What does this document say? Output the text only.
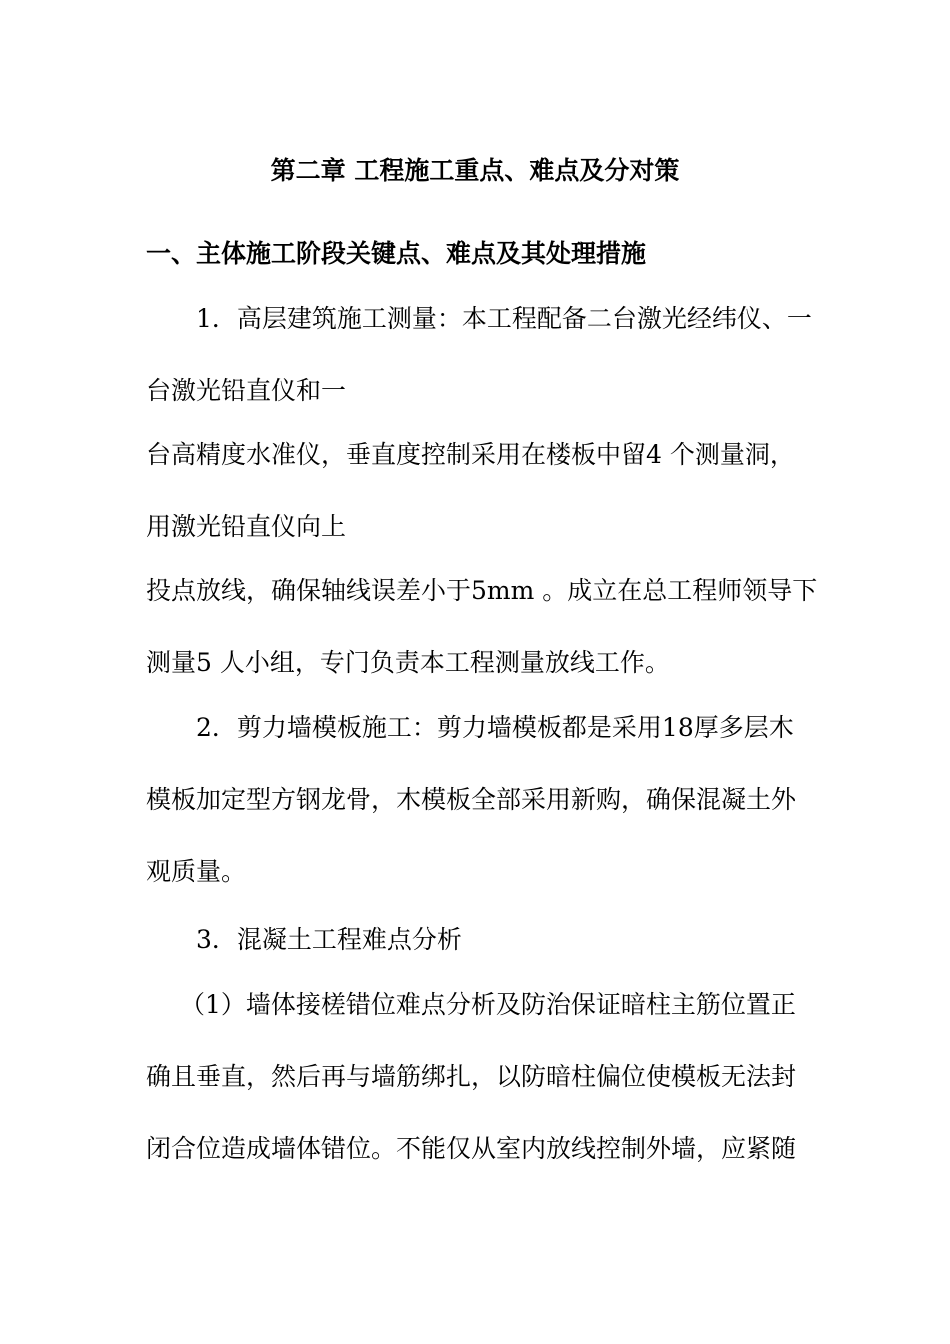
第二章 工程施工重点、难点及分对策
一、主体施工阶段关键点、难点及其处理措施
1．高层建筑施工测量：本工程配备二台激光经纬仪、一
台激光铅直仪和一
台高精度水准仪，垂直度控制采用在楼板中留4 个测量洞，
用激光铅直仪向上
投点放线，确保轴线误差小于5mm 。成立在总工程师领导下
测量5 人小组，专门负责本工程测量放线工作。
2．剪力墙模板施工：剪力墙模板都是采用18厚多层木
模板加定型方钢龙骨，木模板全部采用新购，确保混凝土外
观质量。
3．混凝土工程难点分析
（1）墙体接槎错位难点分析及防治保证暗柱主筋位置正
确且垂直，然后再与墙筋绑扎，以防暗柱偏位使模板无法封
闭合位造成墙体错位。不能仅从室内放线控制外墙，应紧随
